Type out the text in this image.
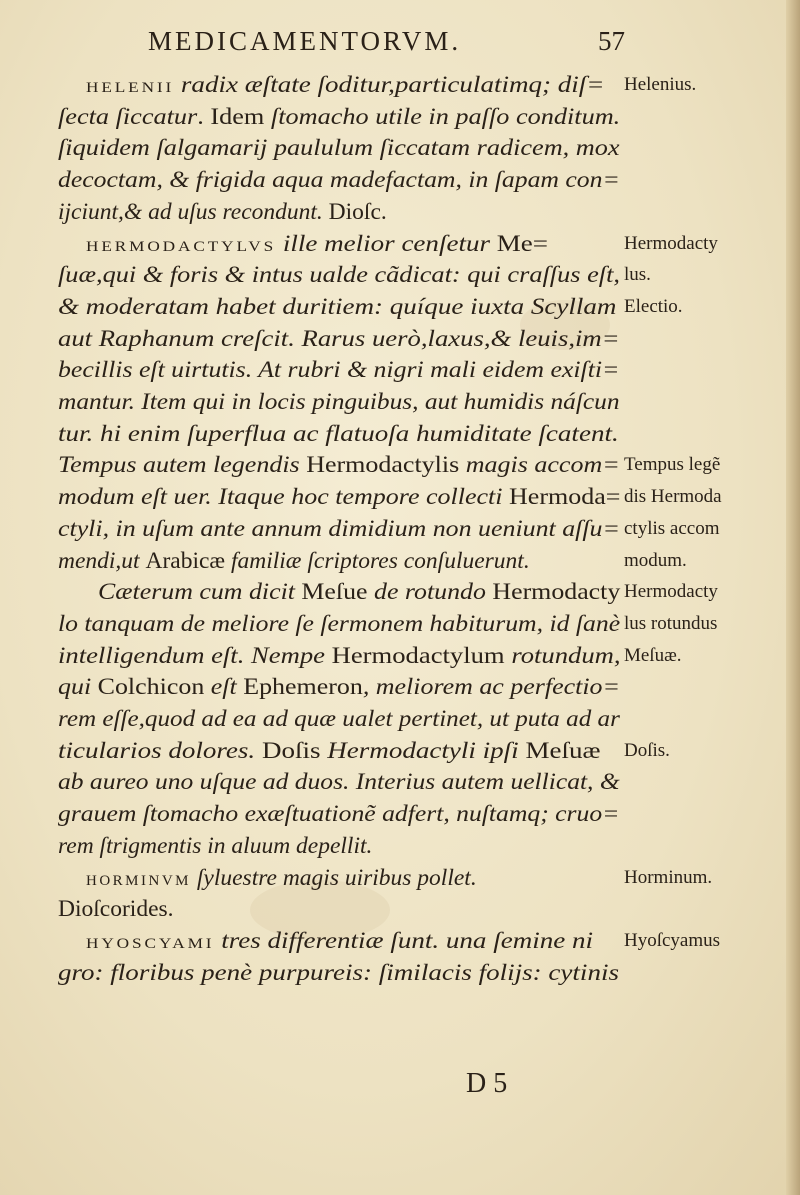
MEDICAMENTORVM.	57
HELENII radix æſtate ſoditur,particulatimq; diſ=
ſecta ſiccatur. Idem ſtomacho utile in paſſo conditum.
ſiquidem ſalgamarij paululum ſiccatam radicem, mox
decoctam, & frigida aqua madefactam, in ſapam con=
ijciunt,& ad uſus recondunt. Dioſc.
HERMODACTYLVS ille melior cenſetur Me=
ſuæ,qui & foris & intus ualde cãdicat: qui craſſus eſt,
& moderatam habet duritiem: quíque iuxta Scyllam
aut Raphanum creſcit. Rarus uerò,laxus,& leuis,im=
becillis eſt uirtutis. At rubri & nigri mali eidem exiſti=
mantur. Item qui in locis pinguibus, aut humidis náſcun
tur. hi enim ſuperflua ac flatuoſa humiditate ſcatent.
Tempus autem legendis Hermodactylis magis accom=
modum eſt uer. Itaque hoc tempore collecti Hermoda=
ctyli, in uſum ante annum dimidium non ueniunt aſſu=
mendi,ut Arabicæ familiæ ſcriptores conſuluerunt.
Cæterum cum dicit Meſue de rotundo Hermodacty
lo tanquam de meliore ſe ſermonem habiturum, id ſanè
intelligendum eſt. Nempe Hermodactylum rotundum,
qui Colchicon eſt Ephemeron, meliorem ac perfectio=
rem eſſe,quod ad ea ad quæ ualet pertinet, ut puta ad ar
ticularios dolores. Doſis Hermodactyli ipſi Meſuæ
ab aureo uno uſque ad duos. Interius autem uellicat, &
grauem ſtomacho exæſtuationẽ adfert, nuſtamq; cruo=
rem ſtrigmentis in aluum depellit.
HORMINVM ſyluestre magis uiribus pollet.
Dioſcorides.
HYOSCYAMI tres differentiæ ſunt. una ſemine ni
gro: floribus penè purpureis: ſimilacis folijs: cytinis
Helenius.
Hermodacty
lus.
Electio.
Tempus legẽ
dis Hermoda
ctylis accom
modum.
Hermodacty
lus rotundus
Meſuæ.
Doſis.
Horminum.
Hyoſcyamus
D 5
